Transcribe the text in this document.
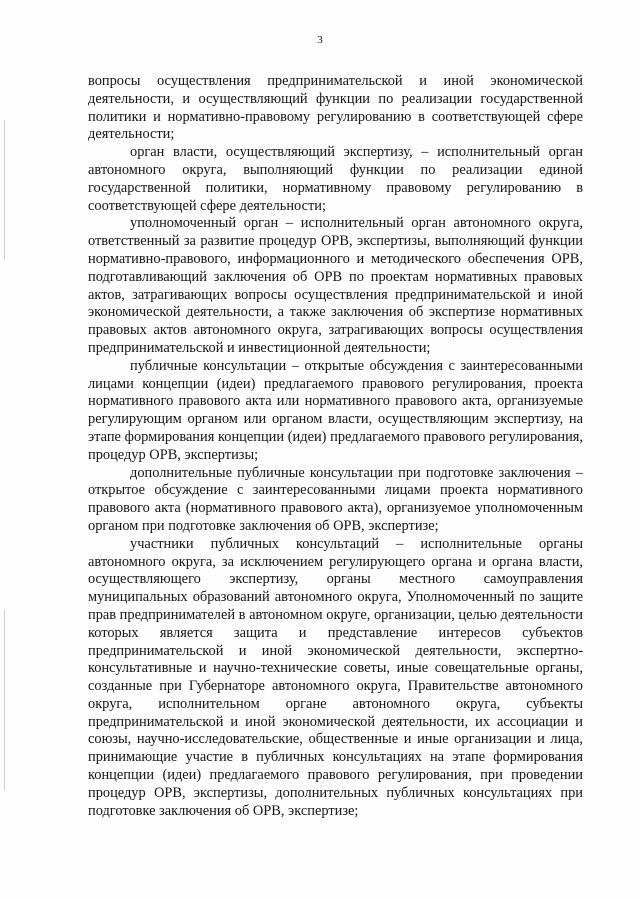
3

вопросы осуществления предпринимательской и иной экономической деятельности, и осуществляющий функции по реализации государственной политики и нормативно-правовому регулированию в соответствующей сфере деятельности;

орган власти, осуществляющий экспертизу, – исполнительный орган автономного округа, выполняющий функции по реализации единой государственной политики, нормативному правовому регулированию в соответствующей сфере деятельности;

уполномоченный орган – исполнительный орган автономного округа, ответственный за развитие процедур ОРВ, экспертизы, выполняющий функции нормативно-правового, информационного и методического обеспечения ОРВ, подготавливающий заключения об ОРВ по проектам нормативных правовых актов, затрагивающих вопросы осуществления предпринимательской и иной экономической деятельности, а также заключения об экспертизе нормативных правовых актов автономного округа, затрагивающих вопросы осуществления предпринимательской и инвестиционной деятельности;

публичные консультации – открытые обсуждения с заинтересованными лицами концепции (идеи) предлагаемого правового регулирования, проекта нормативного правового акта или нормативного правового акта, организуемые регулирующим органом или органом власти, осуществляющим экспертизу, на этапе формирования концепции (идеи) предлагаемого правового регулирования, процедур ОРВ, экспертизы;

дополнительные публичные консультации при подготовке заключения – открытое обсуждение с заинтересованными лицами проекта нормативного правового акта (нормативного правового акта), организуемое уполномоченным органом при подготовке заключения об ОРВ, экспертизе;

участники публичных консультаций – исполнительные органы автономного округа, за исключением регулирующего органа и органа власти, осуществляющего экспертизу, органы местного самоуправления муниципальных образований автономного округа, Уполномоченный по защите прав предпринимателей в автономном округе, организации, целью деятельности которых является защита и представление интересов субъектов предпринимательской и иной экономической деятельности, экспертно-консультативные и научно-технические советы, иные совещательные органы, созданные при Губернаторе автономного округа, Правительстве автономного округа, исполнительном органе автономного округа, субъекты предпринимательской и иной экономической деятельности, их ассоциации и союзы, научно-исследовательские, общественные и иные организации и лица, принимающие участие в публичных консультациях на этапе формирования концепции (идеи) предлагаемого правового регулирования, при проведении процедур ОРВ, экспертизы, дополнительных публичных консультациях при подготовке заключения об ОРВ, экспертизе;
